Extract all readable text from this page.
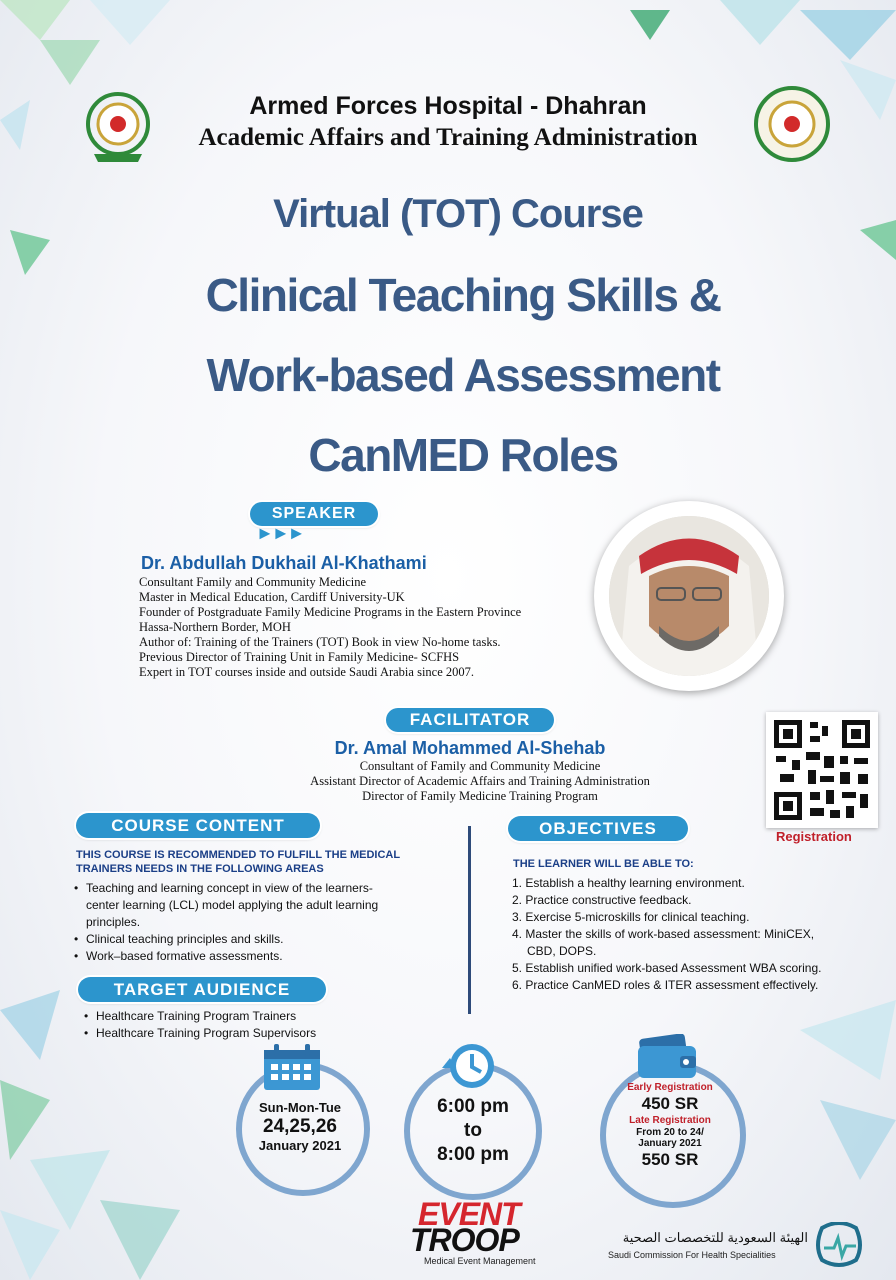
Armed Forces Hospital - Dhahran
Academic Affairs and Training Administration
Virtual (TOT) Course
Clinical Teaching Skills &
Work-based Assessment
CanMED Roles
SPEAKER
►►►
Dr. Abdullah Dukhail Al-Khathami
Consultant Family and Community Medicine
Master in Medical Education, Cardiff University-UK
Founder of Postgraduate Family Medicine Programs in the Eastern Province
Hassa-Northern Border, MOH
Author of: Training of the Trainers (TOT) Book in view No-home tasks.
Previous Director of Training Unit in Family Medicine- SCFHS
Expert in TOT courses inside and outside Saudi Arabia since 2007.
FACILITATOR
Dr. Amal Mohammed Al-Shehab
Consultant of Family and Community Medicine
Assistant Director of Academic Affairs and Training Administration
Director of Family Medicine Training Program
Registration
COURSE CONTENT
THIS COURSE IS RECOMMENDED TO FULFILL THE MEDICAL TRAINERS NEEDS IN THE FOLLOWING AREAS
• Teaching and learning concept in view of the learners-center learning (LCL) model applying the adult learning principles.
• Clinical teaching principles and skills.
• Work–based formative assessments.
TARGET AUDIENCE
• Healthcare Training Program Trainers
• Healthcare Training Program Supervisors
OBJECTIVES
THE LEARNER WILL BE ABLE TO:
1. Establish a healthy learning environment.
2. Practice constructive feedback.
3. Exercise 5-microskills for clinical teaching.
4. Master the skills of work-based assessment: MiniCEX,
CBD, DOPS.
5. Establish unified work-based Assessment WBA scoring.
6. Practice CanMED roles & ITER assessment effectively.
Sun-Mon-Tue
24,25,26
January 2021
6:00 pm
to
8:00 pm
Early Registration
450 SR
Late Registration
From 20 to 24/
January 2021
550 SR
EVENT
TROOP
Medical Event Management
الهيئة السعودية للتخصصات الصحية
Saudi Commission For Health Specialities
